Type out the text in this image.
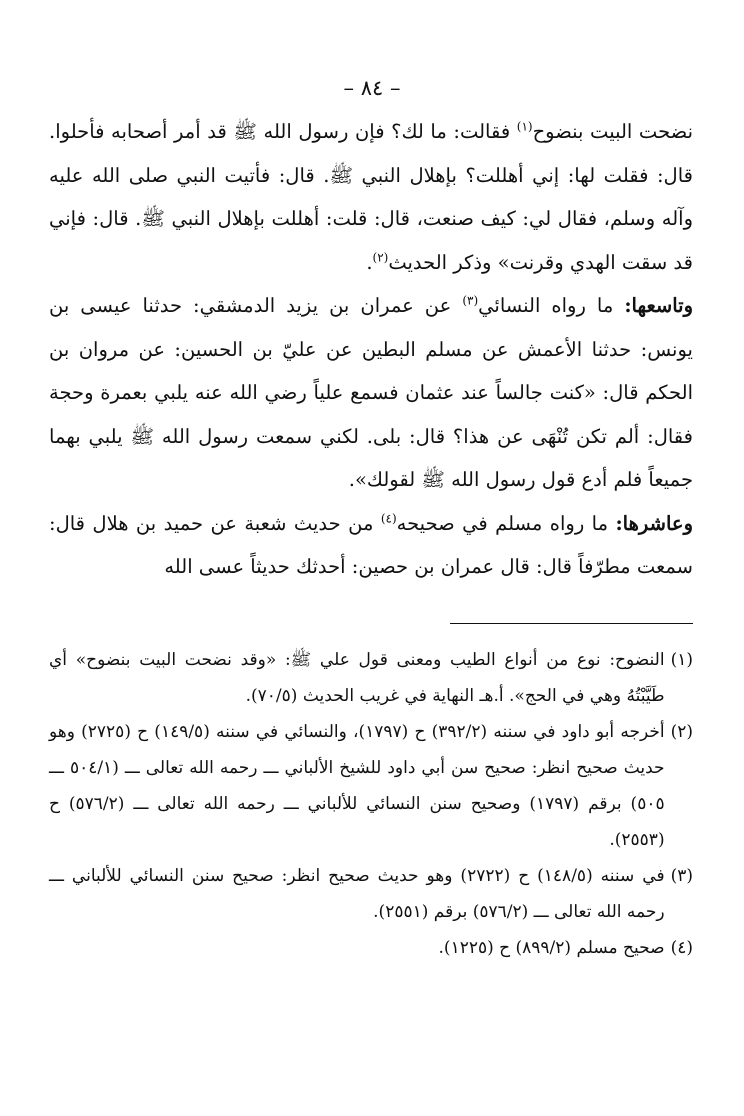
– ٨٤ –

نضحت البيت بنضوح$^{(١)}$ فقالت: ما لك؟ فإن رسول الله ﷺ قد أمر أصحابه فأحلوا. قال: فقلت لها: إني أهللت؟ بإهلال النبي ﷺ. قال: فأتيت النبي صلى الله عليه وآله وسلم، فقال لي: كيف صنعت، قال: قلت: أهللت بإهلال النبي ﷺ. قال: فإني قد سقت الهدي وقرنت» وذكر الحديث$^{(٢)}$.

وتاسعها: ما رواه النسائي$^{(٣)}$ عن عمران بن يزيد الدمشقي: حدثنا عيسى بن يونس: حدثنا الأعمش عن مسلم البطين عن عليّ بن الحسين: عن مروان بن الحكم قال: «كنت جالساً عند عثمان فسمع علياً رضي الله عنه يلبي بعمرة وحجة فقال: ألم تكن تُنْهَى عن هذا؟ قال: بلى. لكني سمعت رسول الله ﷺ يلبي بهما جميعاً فلم أدع قول رسول الله ﷺ لقولك».

وعاشرها: ما رواه مسلم في صحيحه$^{(٤)}$ من حديث شعبة عن حميد بن هلال قال: سمعت مطرّفاً قال: قال عمران بن حصين: أحدثك حديثاً عسى الله

(١)
النضوح: نوع من أنواع الطيب ومعنى قول علي ﷺ: «وقد نضحت البيت بنضوح» أي طَيَّبْتُهُ وهي في الحج». أ.هـ النهاية في غريب الحديث (٧٠/٥).
(٢)
أخرجه أبو داود في سننه (٣٩٢/٢) ح (١٧٩٧)، والنسائي في سننه (١٤٩/٥) ح (٢٧٢٥) وهو حديث صحيح انظر: صحيح سن أبي داود للشيخ الألباني ـــ رحمه الله تعالى ـــ (٥٠٤/١ ـــ ٥٠٥) برقم (١٧٩٧) وصحيح سنن النسائي للألباني ـــ رحمه الله تعالى ـــ (٥٧٦/٢) ح (٢٥٥٣).
(٣)
في سننه (١٤٨/٥) ح (٢٧٢٢) وهو حديث صحيح انظر: صحيح سنن النسائي للألباني ـــ رحمه الله تعالى ـــ (٥٧٦/٢) برقم (٢٥٥١).
(٤)
صحيح مسلم (٨٩٩/٢) ح (١٢٢٥).
